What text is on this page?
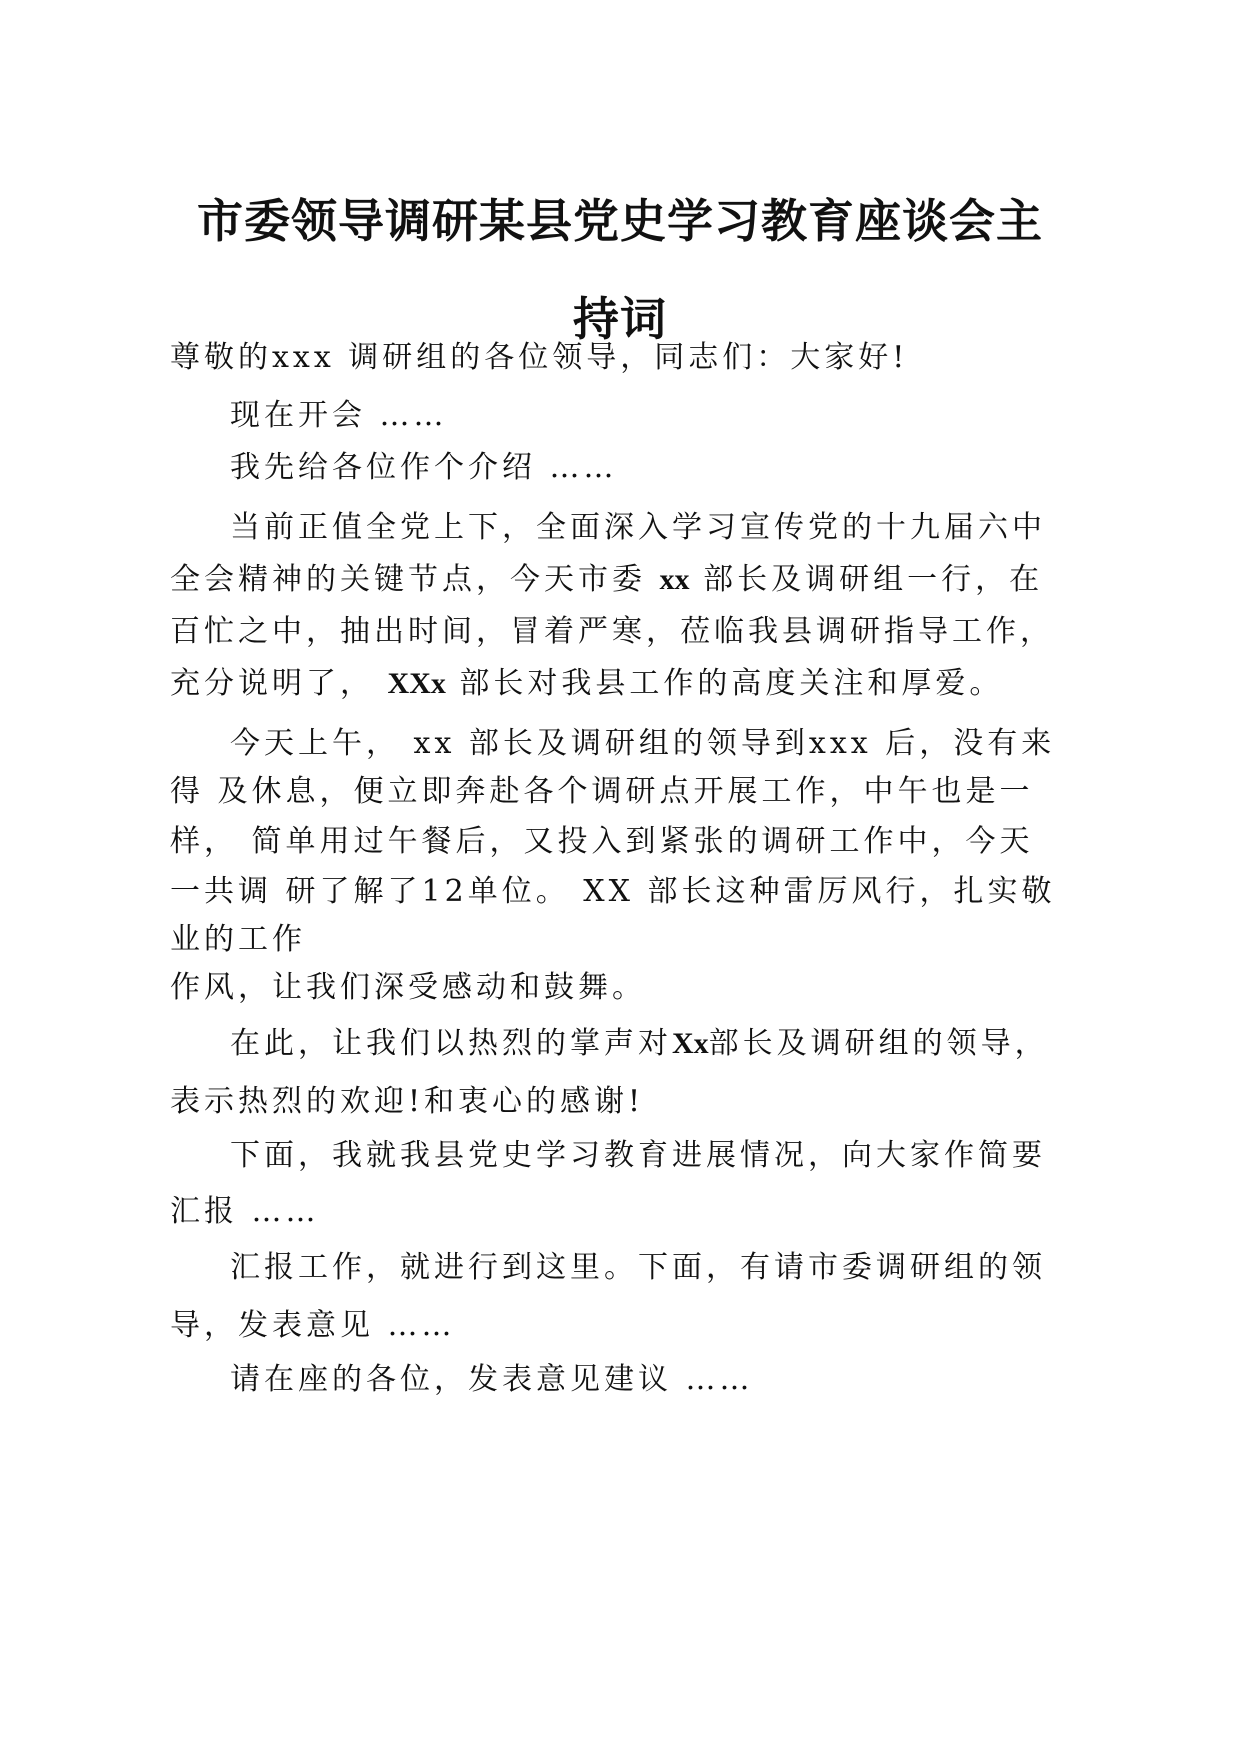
市委领导调研某县党史学习教育座谈会主
持词
尊敬的xxx 调研组的各位领导，同志们：大家好!
现在开会 ……
我先给各位作个介绍 ……
当前正值全党上下，全面深入学习宣传党的十九届六中
全会精神的关键节点，今天市委 xx 部长及调研组一行，在
百忙之中，抽出时间，冒着严寒，莅临我县调研指导工作，
充分说明了， XXx 部长对我县工作的高度关注和厚爱。
今天上午， xx 部长及调研组的领导到xxx 后，没有来
得 及休息，便立即奔赴各个调研点开展工作，中午也是一
样， 简单用过午餐后，又投入到紧张的调研工作中，今天
一共调 研了解了12单位。 XX 部长这种雷厉风行，扎实敬
业的工作
作风，让我们深受感动和鼓舞。
在此，让我们以热烈的掌声对Xx部长及调研组的领导，
表示热烈的欢迎!和衷心的感谢!
下面，我就我县党史学习教育进展情况，向大家作简要
汇报 ……
汇报工作，就进行到这里。下面，有请市委调研组的领
导，发表意见 ……
请在座的各位，发表意见建议 ……
